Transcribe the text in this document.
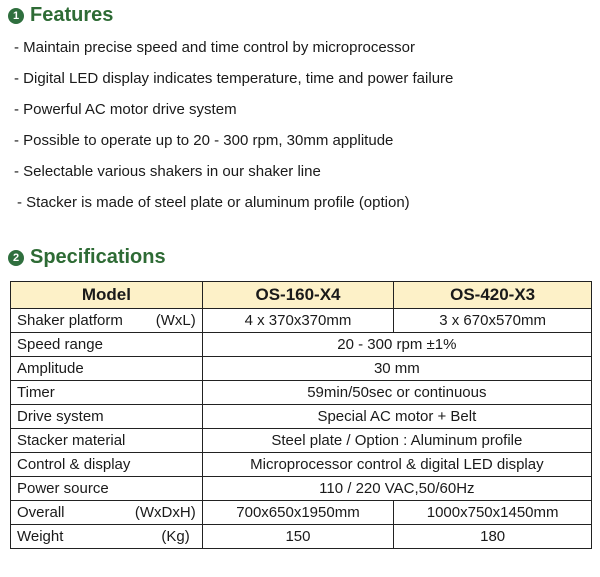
1 Features
- Maintain precise speed and time control by microprocessor
- Digital LED display indicates temperature, time and power failure
- Powerful AC motor drive system
- Possible to operate up to 20 - 300 rpm, 30mm applitude
- Selectable various shakers in our shaker line
- Stacker is made of steel plate or aluminum profile (option)
2 Specifications
Model	OS-160-X4	OS-420-X3

Shaker platform (WxL)	4 x 370x370mm	3 x 670x570mm
Speed range	20 - 300 rpm ±1%	
Amplitude	30 mm	
Timer	59min/50sec or continuous	
Drive system	Special AC motor + Belt	
Stacker material	Steel plate / Option : Aluminum profile	
Control & display	Microprocessor control & digital LED display	
Power source	110 / 220 VAC,50/60Hz	

Overall (WxDxH)	700x650x1950mm	1000x750x1450mm

Weight (Kg)	150	180
